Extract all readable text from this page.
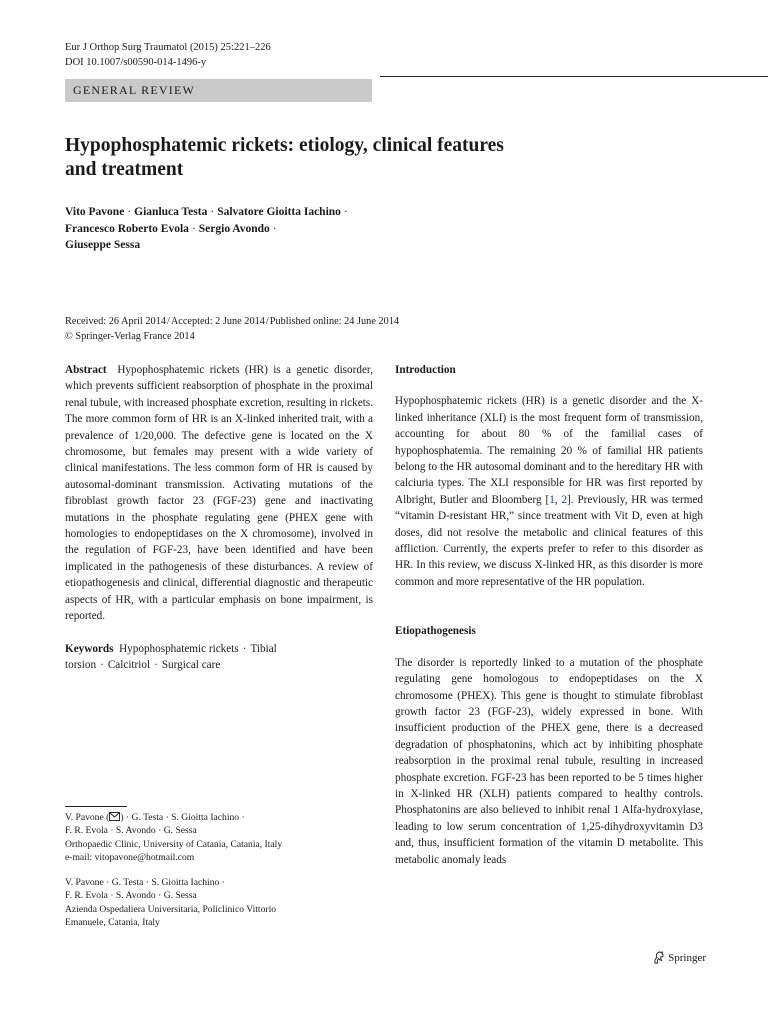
Eur J Orthop Surg Traumatol (2015) 25:221–226
DOI 10.1007/s00590-014-1496-y
GENERAL REVIEW
Hypophosphatemic rickets: etiology, clinical features
and treatment
Vito Pavone · Gianluca Testa · Salvatore Gioitta Iachino ·
Francesco Roberto Evola · Sergio Avondo ·
Giuseppe Sessa
Received: 26 April 2014/Accepted: 2 June 2014/Published online: 24 June 2014
© Springer-Verlag France 2014

Abstract Hypophosphatemic rickets (HR) is a genetic disorder, which prevents sufficient reabsorption of phosphate in the proximal renal tubule, with increased phosphate excretion, resulting in rickets. The more common form of HR is an X-linked inherited trait, with a prevalence of 1/20,000. The defective gene is located on the X chromosome, but females may present with a wide variety of clinical manifestations. The less common form of HR is caused by autosomal-dominant transmission. Activating mutations of the fibroblast growth factor 23 (FGF-23) gene and inactivating mutations in the phosphate regulating gene (PHEX gene with homologies to endopeptidases on the X chromosome), involved in the regulation of FGF-23, have been identified and have been implicated in the pathogenesis of these disturbances. A review of etiopathogenesis and clinical, differential diagnostic and therapeutic aspects of HR, with a particular emphasis on bone impairment, is reported.

Keywords Hypophosphatemic rickets · Tibial torsion · Calcitriol · Surgical care

V. Pavone ( ) · G. Testa · S. Gioitta Iachino ·
F. R. Evola · S. Avondo · G. Sessa
Orthopaedic Clinic, University of Catania, Catania, Italy
e-mail: vitopavone@hotmail.com
V. Pavone · G. Testa · S. Gioitta Iachino ·
F. R. Evola · S. Avondo · G. Sessa
Azienda Ospedaliera Universitaria, Policlinico Vittorio
Emanuele, Catania, Italy
Introduction

Hypophosphatemic rickets (HR) is a genetic disorder and the X-linked inheritance (XLI) is the most frequent form of transmission, accounting for about 80 % of the familial cases of hypophosphatemia. The remaining 20 % of familial HR patients belong to the HR autosomal dominant and to the hereditary HR with calciuria types. The XLI responsible for HR was first reported by Albright, Butler and Bloomberg [1, 2]. Previously, HR was termed “vitamin D-resistant HR,” since treatment with Vit D, even at high doses, did not resolve the metabolic and clinical features of this affliction. Currently, the experts prefer to refer to this disorder as HR. In this review, we discuss X-linked HR, as this disorder is more common and more representative of the HR population.

Etiopathogenesis

The disorder is reportedly linked to a mutation of the phosphate regulating gene homologous to endopeptidases on the X chromosome (PHEX). This gene is thought to stimulate fibroblast growth factor 23 (FGF-23), widely expressed in bone. With insufficient production of the PHEX gene, there is a decreased degradation of phosphatonins, which act by inhibiting phosphate reabsorption in the proximal renal tubule, resulting in increased phosphate excretion. FGF-23 has been reported to be 5 times higher in X-linked HR (XLH) patients compared to healthy controls. Phosphatonins are also believed to inhibit renal 1 Alfa-hydroxylase, leading to low serum concentration of 1,25-dihydroxyvitamin D3 and, thus, insufficient formation of the vitamin D metabolite. This metabolic anomaly leads

Springer
